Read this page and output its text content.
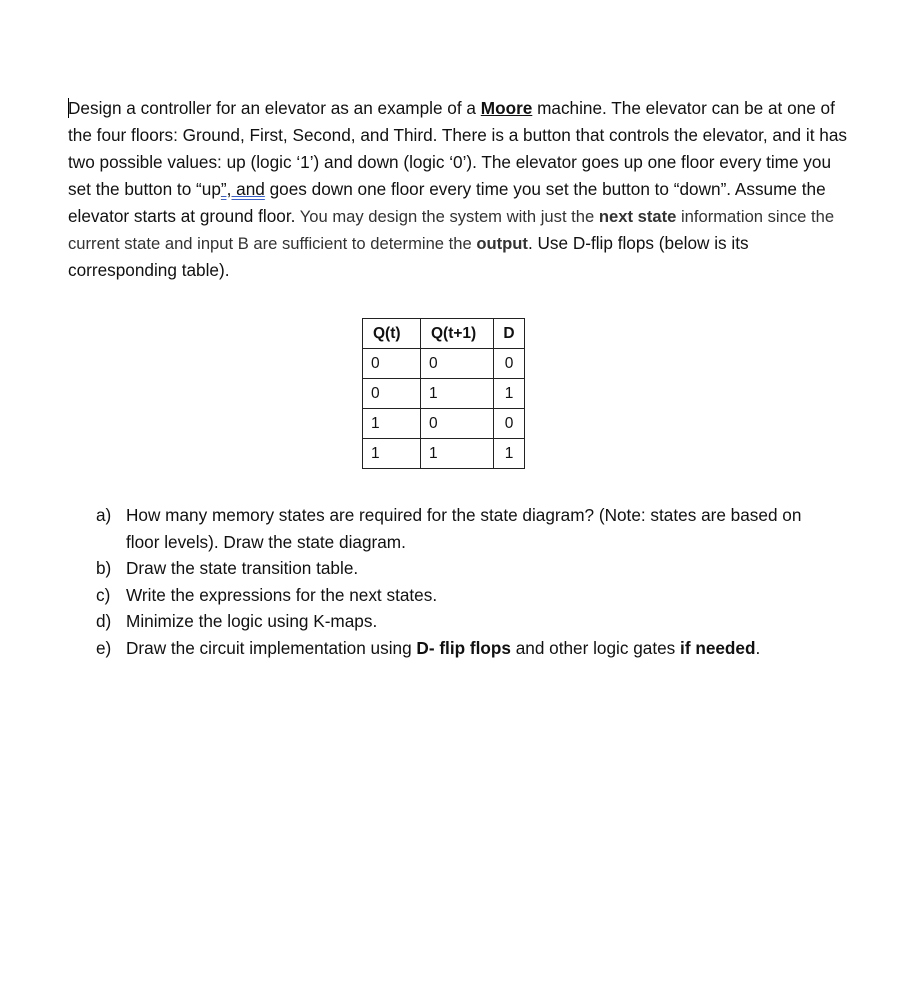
Design a controller for an elevator as an example of a Moore machine. The elevator can be at one of the four floors: Ground, First, Second, and Third. There is a button that controls the elevator, and it has two possible values: up (logic ‘1’) and down (logic ‘0’). The elevator goes up one floor every time you set the button to “up”, and goes down one floor every time you set the button to “down”. Assume the elevator starts at ground floor. You may design the system with just the next state information since the current state and input B are sufficient to determine the output. Use D-flip flops (below is its corresponding table).
Q(t)	Q(t+1)	D
0	0	0
0	1	1
1	0	0
1	1	1
a) How many memory states are required for the state diagram? (Note: states are based on floor levels). Draw the state diagram.
b) Draw the state transition table.
c) Write the expressions for the next states.
d) Minimize the logic using K-maps.
e) Draw the circuit implementation using D- flip flops and other logic gates if needed.
